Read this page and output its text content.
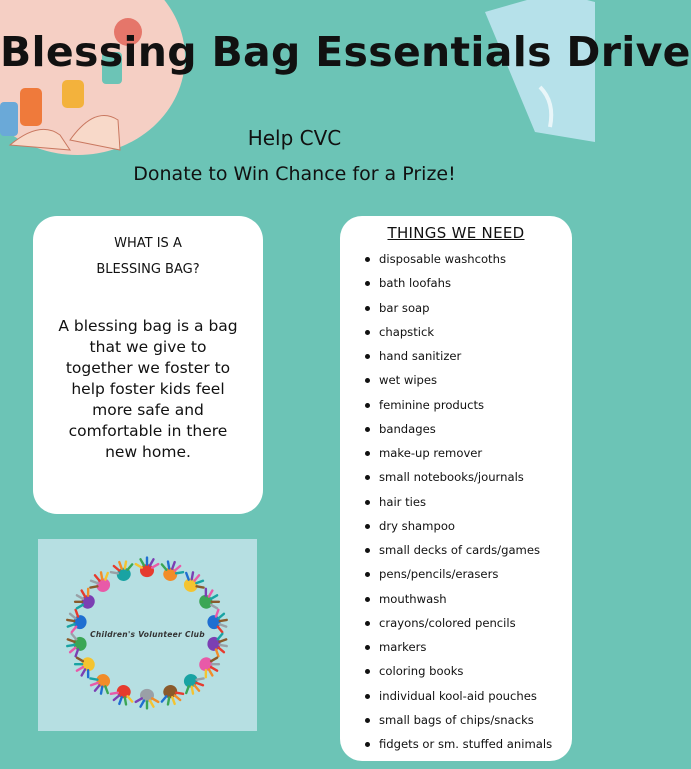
Blessing Bag Essentials Drive
Help CVC
Donate to Win Chance for a Prize!
WHAT IS A
BLESSING BAG?
A blessing bag is a bag that we give to together we foster to help foster kids feel more safe and comfortable in there new home.
THINGS WE NEED
disposable washcoths
bath loofahs
bar soap
chapstick
hand sanitizer
wet wipes
feminine products
bandages
make-up remover
small notebooks/journals
hair ties
dry shampoo
small decks of cards/games
pens/pencils/erasers
mouthwash
crayons/colored pencils
markers
coloring books
individual kool-aid pouches
small bags of chips/snacks
fidgets or sm. stuffed animals
Children's Volunteer Club
